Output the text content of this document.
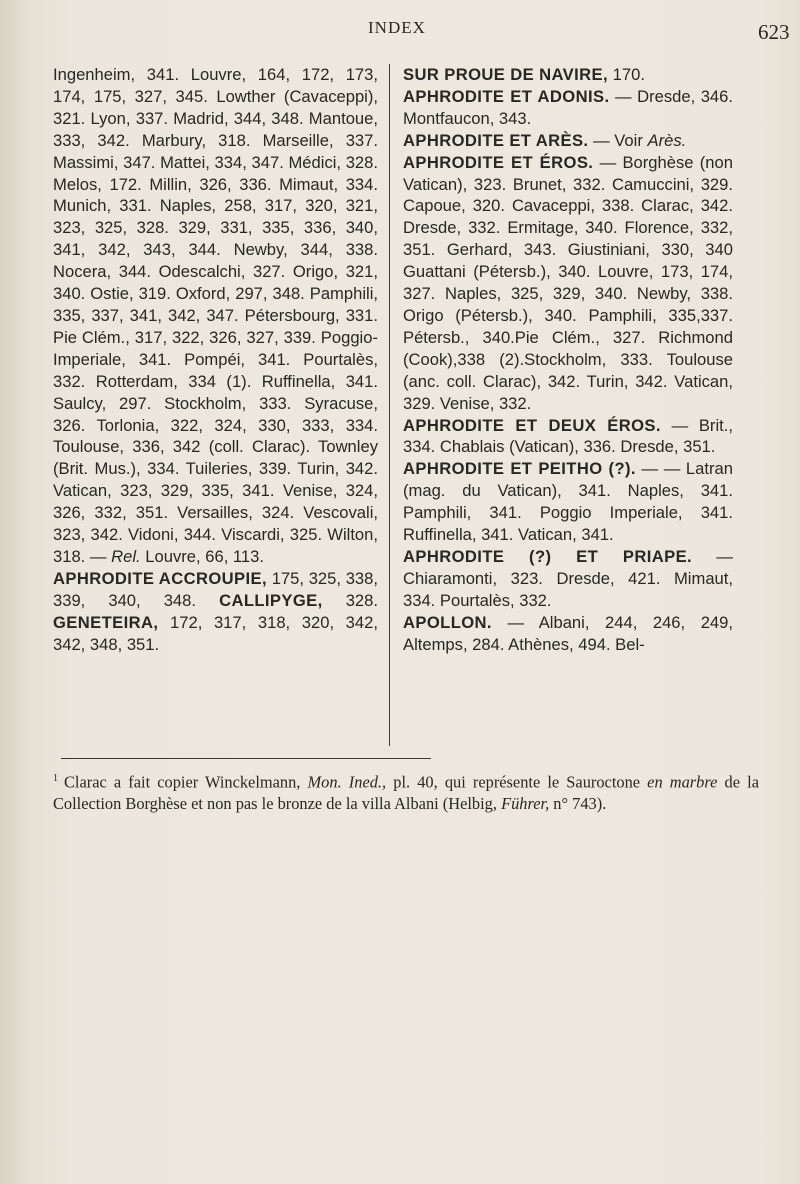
INDEX	623

Ingenheim, 341. Louvre, 164, 172, 173, 174, 175, 327, 345. Lowther (Cavaceppi), 321. Lyon, 337. Madrid, 344, 348. Mantoue, 333, 342. Marbury, 318. Marseille, 337. Massimi, 347. Mattei, 334, 347. Médici, 328. Melos, 172. Millin, 326, 336. Mimaut, 334. Munich, 331. Naples, 258, 317, 320, 321, 323, 325, 328. 329, 331, 335, 336, 340, 341, 342, 343, 344. Newby, 344, 338. Nocera, 344. Odescalchi, 327. Origo, 321, 340. Ostie, 319. Oxford, 297, 348. Pamphili, 335, 337, 341, 342, 347. Pétersbourg, 331. Pie Clém., 317, 322, 326, 327, 339. Poggio-Imperiale, 341. Pompéi, 341. Pourtalès, 332. Rotterdam, 334 (1). Ruffinella, 341. Saulcy, 297. Stockholm, 333. Syracuse, 326. Torlonia, 322, 324, 330, 333, 334. Toulouse, 336, 342 (coll. Clarac). Townley (Brit. Mus.), 334. Tuileries, 339. Turin, 342. Vatican, 323, 329, 335, 341. Venise, 324, 326, 332, 351. Versailles, 324. Vescovali, 323, 342. Vidoni, 344. Viscardi, 325. Wilton, 318. — Rel. Louvre, 66, 113.

APHRODITE ACCROUPIE, 175, 325, 338, 339, 340, 348. CALLIPYGE, 328. GENETEIRA, 172, 317, 318, 320, 342, 342, 348, 351.

SUR PROUE DE NAVIRE, 170.

APHRODITE ET ADONIS. — Dresde, 346. Montfaucon, 343.

APHRODITE ET ARÈS. — Voir Arès.

APHRODITE ET ÉROS. — Borghèse (non Vatican), 323. Brunet, 332. Camuccini, 329. Capoue, 320. Cavaceppi, 338. Clarac, 342. Dresde, 332. Ermitage, 340. Florence, 332, 351. Gerhard, 343. Giustiniani, 330, 340 Guattani (Pétersb.), 340. Louvre, 173, 174, 327. Naples, 325, 329, 340. Newby, 338. Origo (Pétersb.), 340. Pamphili, 335,337. Pétersb., 340.Pie Clém., 327. Richmond (Cook),338 (2).Stockholm, 333. Toulouse (anc. coll. Clarac), 342. Turin, 342. Vatican, 329. Venise, 332.

APHRODITE ET DEUX ÉROS. — Brit., 334. Chablais (Vatican), 336. Dresde, 351.

APHRODITE ET PEITHO (?). — — Latran (mag. du Vatican), 341. Naples, 341. Pamphili, 341. Poggio Imperiale, 341. Ruffinella, 341. Vatican, 341.

APHRODITE (?) ET PRIAPE. — Chiaramonti, 323. Dresde, 421. Mimaut, 334. Pourtalès, 332.

APOLLON. — Albani, 244, 246, 249, Altemps, 284. Athènes, 494. Bel-

$^1$ Clarac a fait copier Winckelmann, Mon. Ined., pl. 40, qui représente le Sauroctone en marbre de la Collection Borghèse et non pas le bronze de la villa Albani (Helbig, Führer, n° 743).
